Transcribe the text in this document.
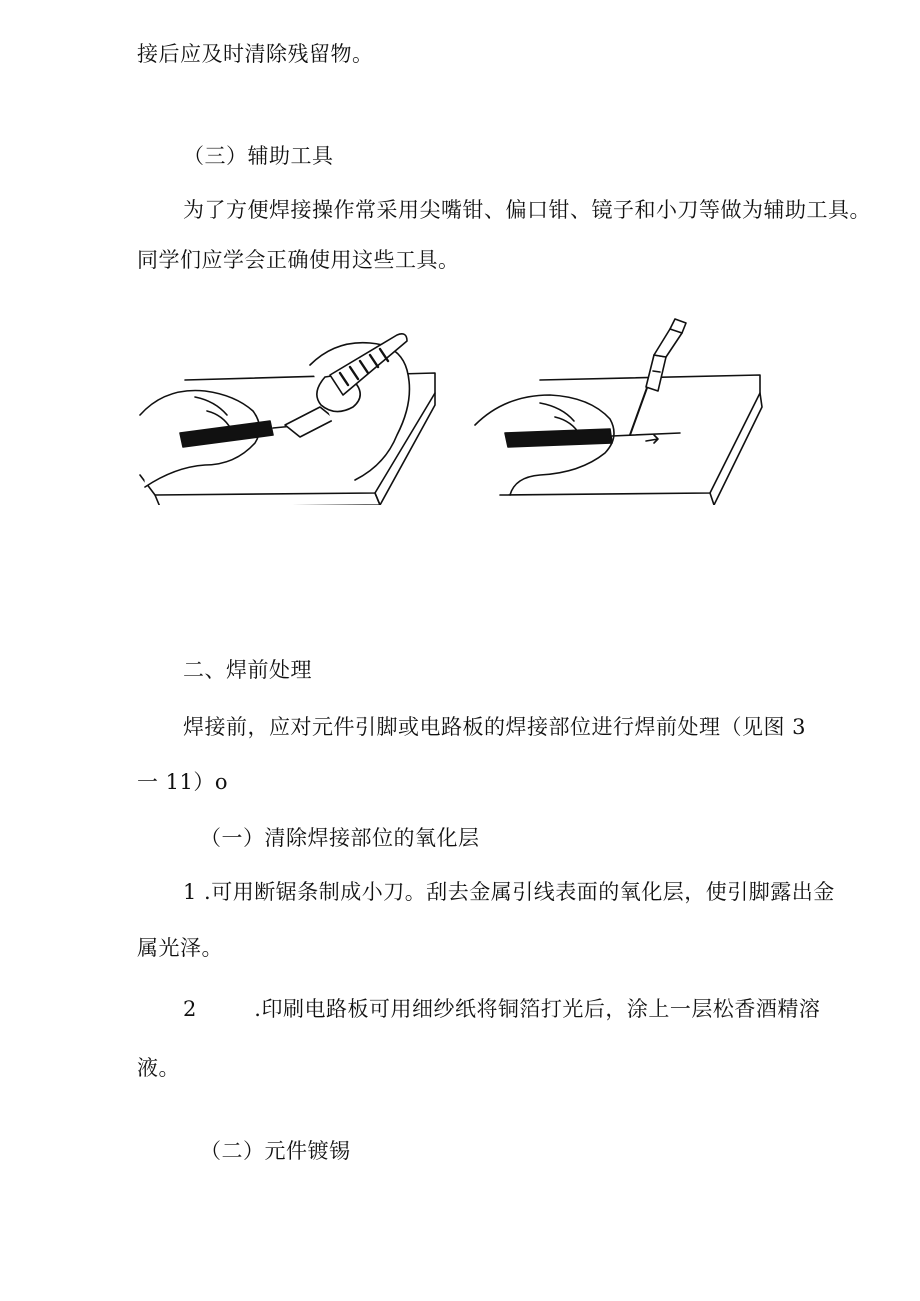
接后应及时清除残留物。
（三）辅助工具
为了方便焊接操作常采用尖嘴钳、偏口钳、镜子和小刀等做为辅助工具。
同学们应学会正确使用这些工具。
二、焊前处理
焊接前，应对元件引脚或电路板的焊接部位进行焊前处理（见图 3
一 11）o
（一）清除焊接部位的氧化层
1 .可用断锯条制成小刀。刮去金属引线表面的氧化层，使引脚露出金
属光泽。
2        .印刷电路板可用细纱纸将铜箔打光后，涂上一层松香酒精溶
液。
（二）元件镀锡
